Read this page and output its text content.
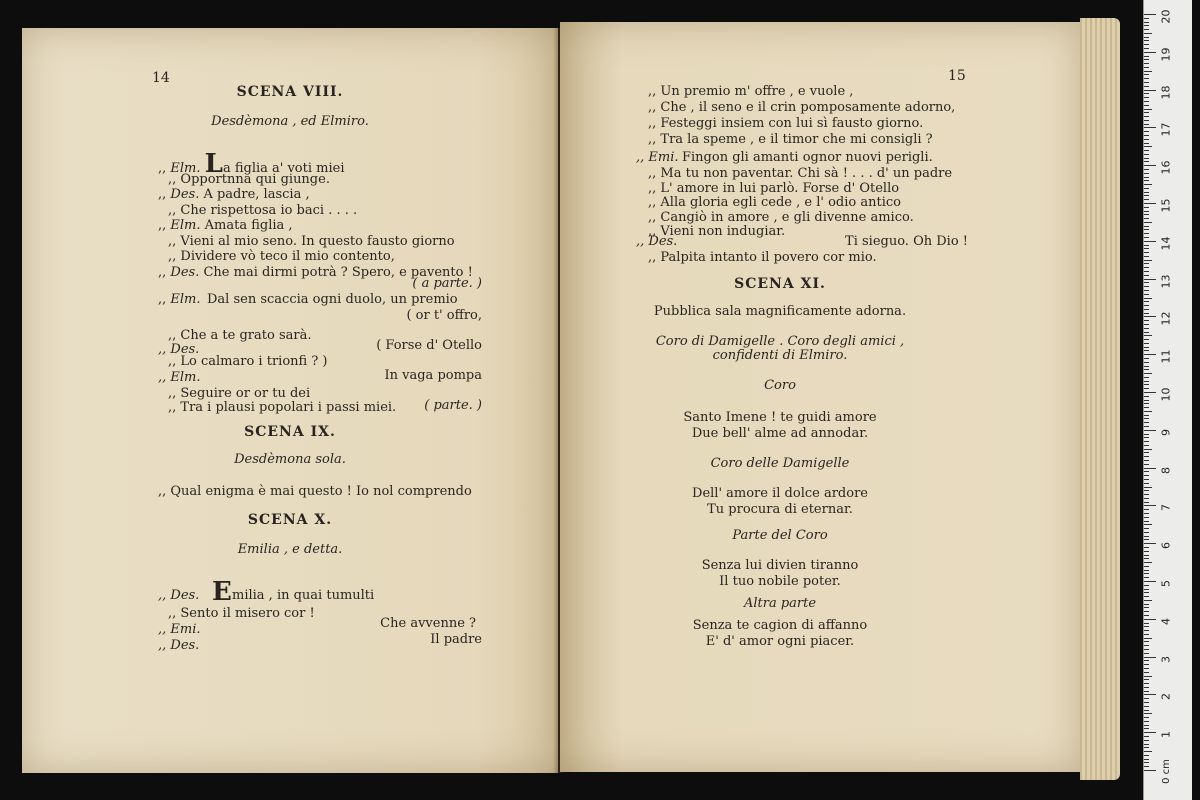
14
SCENA VIII.
Desdèmona , ed Elmiro.
,, Elm. La figlia a' voti miei
,, Opportnna qui giunge.
,, Des. A padre, lascia ,
,, Che rispettosa io baci . . . .
,, Elm. Amata figlia ,
,, Vieni al mio seno. In questo fausto giorno
,, Dividere vò teco il mio contento,
,, Des. Che mai dirmi potrà ? Spero, e pavento !
( a parte. )
,, Elm. Dal sen scaccia ogni duolo, un premio
( or t' offro,
,, Che a te grato sarà.
,, Des.	( Forse d' Otello
,, Lo calmaro i trionfi ? )
,, Elm.	In vaga pompa
,, Seguire or or tu dei
,, Tra i plausi popolari i passi miei. ( parte. )
SCENA IX.
Desdèmona sola.
,, Qual enigma è mai questo ! Io nol comprendo
SCENA X.
Emilia , e detta.
,, Des. E milia , in quai tumulti
,, Sento il misero cor !
,, Emi.	Che avvenne ?
,, Des.	Il padre
15
,, Un premio m' offre , e vuole ,
,, Che , il seno e il crin pomposamente adorno,
,, Festeggi insiem con lui sì fausto giorno.
,, Tra la speme , e il timor che mi consigli ?
,, Emi. Fingon gli amanti ognor nuovi perigli.
,, Ma tu non paventar. Chi sà ! . . . d' un padre
,, L' amore in lui parlò. Forse d' Otello
,, Alla gloria egli cede , e l' odio antico
,, Cangiò in amore , e gli divenne amico.
,, Vieni non indugiar.
,, Des.	Ti sieguo. Oh Dio !
,, Palpita intanto il povero cor mio.
SCENA XI.
Pubblica sala magnificamente adorna.
Coro di Damigelle . Coro degli amici ,
confidenti di Elmiro.
Coro
Santo Imene ! te guidi amore
Due bell' alme ad annodar.
Coro delle Damigelle
Dell' amore il dolce ardore
Tu procura di eternar.
Parte del Coro
Senza lui divien tiranno
Il tuo nobile poter.
Altra parte
Senza te cagion di affanno
E' d' amor ogni piacer.
20
19
18
17
16
15
14
13
12
11
10
9
8
7
6
5
4
3
2
1
0 cm
